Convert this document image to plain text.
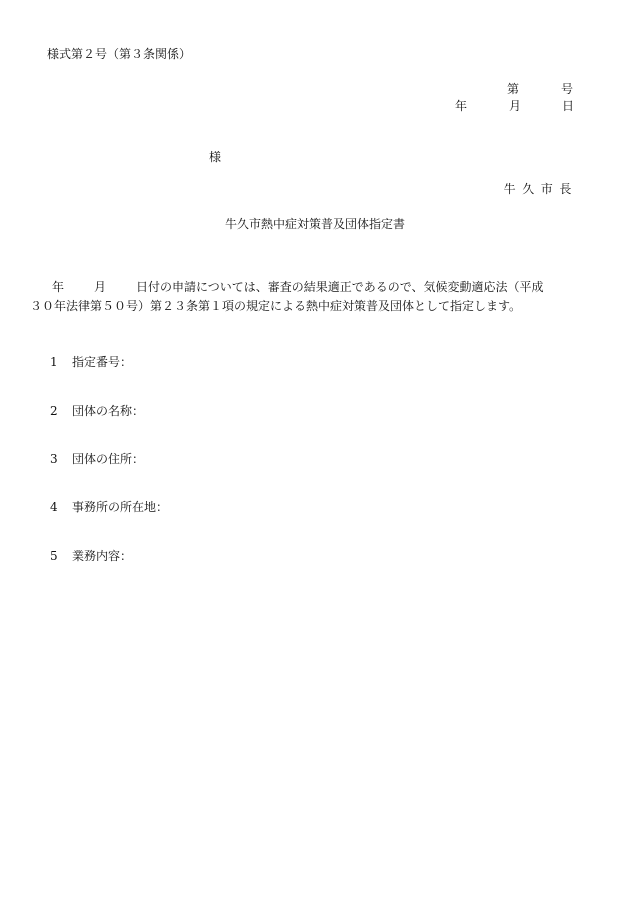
様式第２号（第３条関係）
第	号
年	月	日
様
牛久市長
牛久市熱中症対策普及団体指定書
年	月	日付の申請については、審査の結果適正であるので、気候変動適応法（平成
３０年法律第５０号）第２３条第１項の規定による熱中症対策普及団体として指定します。
1 指定番号：
2 団体の名称：
3 団体の住所：
4 事務所の所在地：
5 業務内容：
